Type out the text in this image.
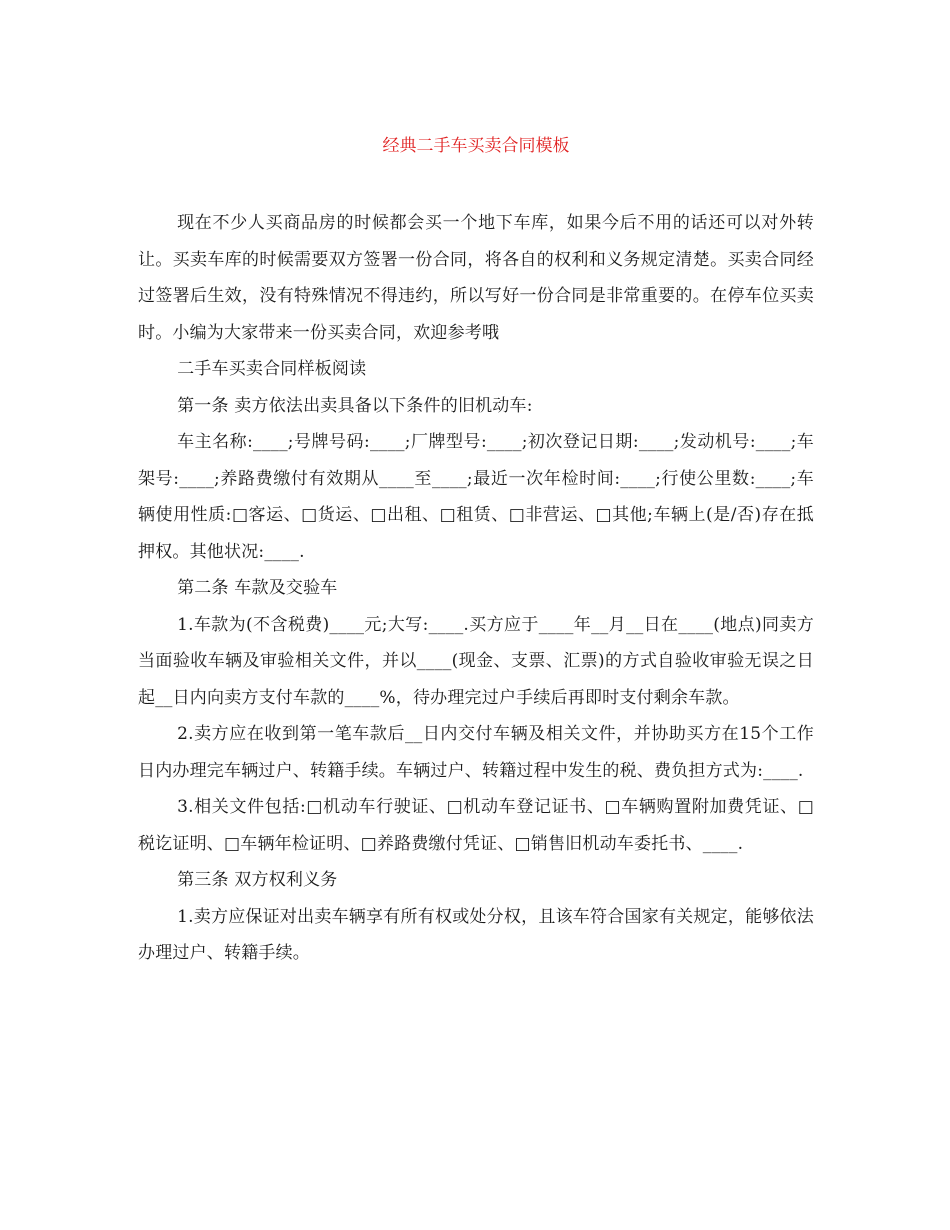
经典二手车买卖合同模板

现在不少人买商品房的时候都会买一个地下车库，如果今后不用的话还可以对外转让。买卖车库的时候需要双方签署一份合同，将各自的权利和义务规定清楚。买卖合同经过签署后生效，没有特殊情况不得违约，所以写好一份合同是非常重要的。在停车位买卖时。小编为大家带来一份买卖合同，欢迎参考哦

二手车买卖合同样板阅读

第一条 卖方依法出卖具备以下条件的旧机动车:

车主名称:____;号牌号码:____;厂牌型号:____;初次登记日期:____;发动机号:____;车架号:____;养路费缴付有效期从____至____;最近一次年检时间:____;行使公里数:____;车辆使用性质:□客运、□货运、□出租、□租赁、□非营运、□其他;车辆上(是/否)存在抵押权。其他状况:____.

第二条 车款及交验车

1.车款为(不含税费)____元;大写:____.买方应于____年__月__日在____(地点)同卖方当面验收车辆及审验相关文件，并以____(现金、支票、汇票)的方式自验收审验无误之日起__日内向卖方支付车款的____%，待办理完过户手续后再即时支付剩余车款。

2.卖方应在收到第一笔车款后__日内交付车辆及相关文件，并协助买方在15个工作日内办理完车辆过户、转籍手续。车辆过户、转籍过程中发生的税、费负担方式为:____.

3.相关文件包括:□机动车行驶证、□机动车登记证书、□车辆购置附加费凭证、□税讫证明、□车辆年检证明、□养路费缴付凭证、□销售旧机动车委托书、____.

第三条 双方权利义务

1.卖方应保证对出卖车辆享有所有权或处分权，且该车符合国家有关规定，能够依法办理过户、转籍手续。
